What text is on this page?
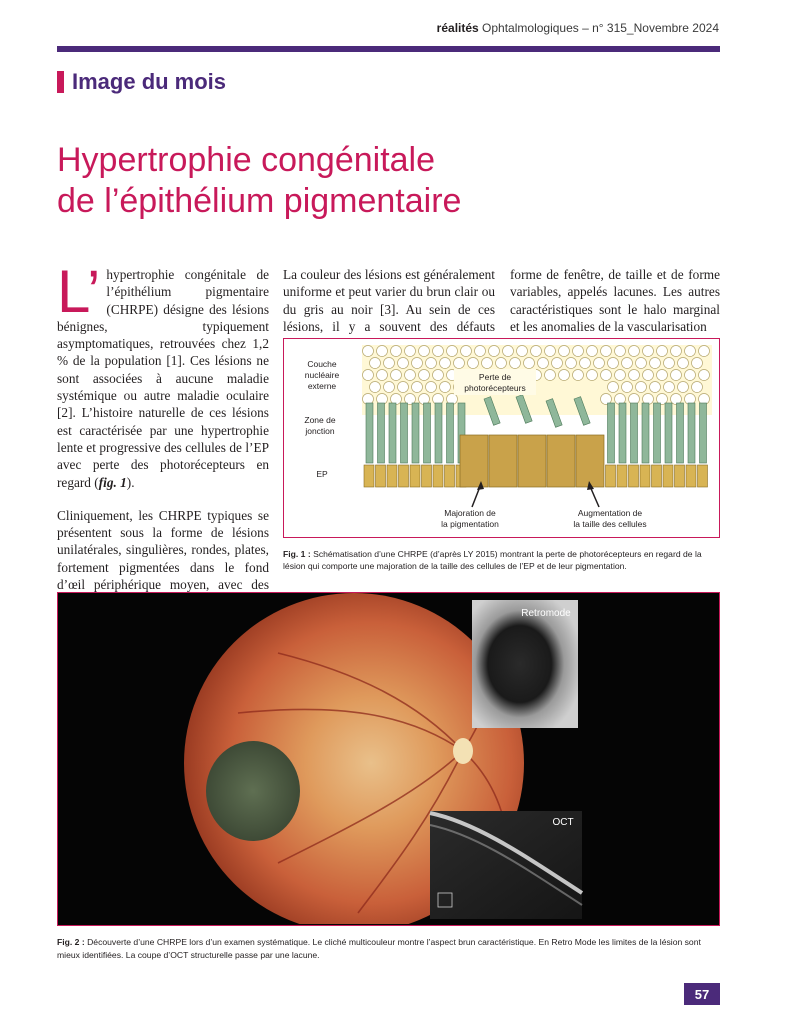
réalités Ophtalmologiques – n° 315_Novembre 2024
Image du mois
Hypertrophie congénitale
de l’épithélium pigmentaire

L’ hypertrophie congénitale de l’épithélium pigmentaire (CHRPE) désigne des lésions bénignes, typiquement asymptomatiques, retrouvées chez 1,2 % de la population [1]. Ces lésions ne sont associées à aucune maladie systémique ou autre maladie oculaire [2]. L’histoire naturelle de ces lésions est caractérisée par une hypertrophie lente et progressive des cellules de l’EP avec perte des photorécepteurs en regard (fig. 1).

Cliniquement, les CHRPE typiques se présentent sous la forme de lésions unilatérales, singulières, rondes, plates, fortement pigmentées dans le fond d’œil périphérique moyen, avec des

La couleur des lésions est généralement uniforme et peut varier du brun clair ou du gris au noir [3]. Au sein de ces lésions, il y a souvent des défauts

forme de fenêtre, de taille et de forme variables, appelés lacunes. Les autres caractéristiques sont le halo marginal et les anomalies de la vascularisation

Couche
nucléaire
externe
Zone de
jonction
EP
Perte de
photorécepteurs
Majoration de
la pigmentation
Augmentation de
la taille des cellules
Fig. 1 : Schématisation d’une CHRPE (d’après LY 2015) montrant la perte de photorécepteurs en regard de la lésion qui comporte une majoration de la taille des cellules de l’EP et de leur pigmentation.
Retromode
OCT
Fig. 2 : Découverte d’une CHRPE lors d’un examen systématique. Le cliché multicouleur montre l’aspect brun caractéristique. En Retro Mode les limites de la lésion sont mieux identifiées. La coupe d’OCT structurelle passe par une lacune.
57
